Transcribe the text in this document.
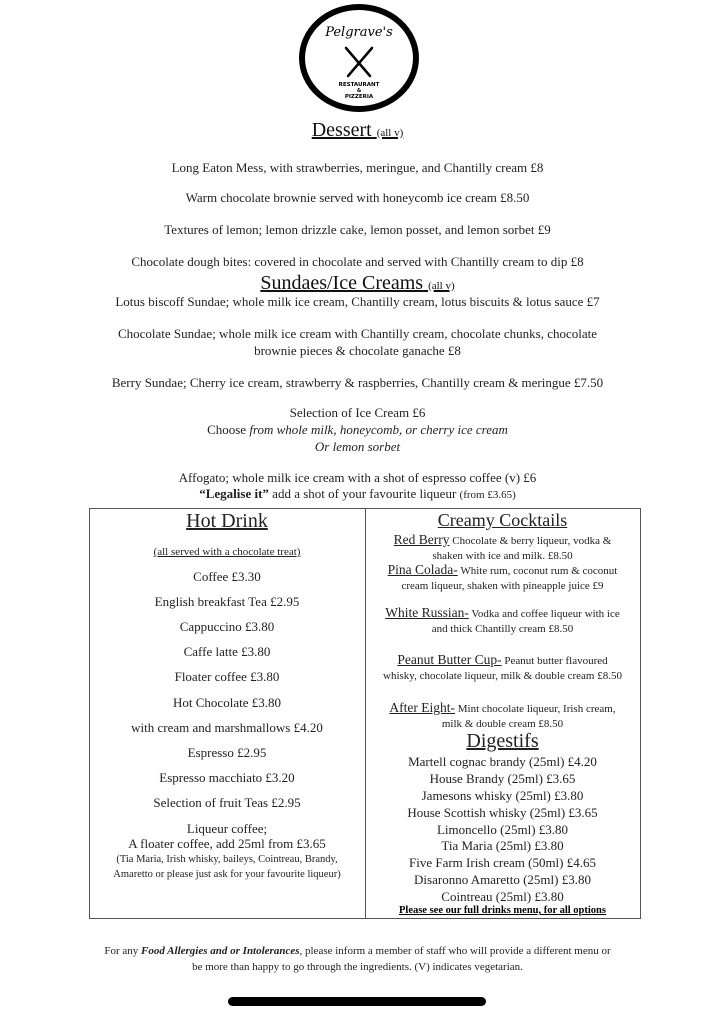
Pelgrave's
RESTAURANT
&
PIZZERIA
Dessert (all v)
Long Eaton Mess, with strawberries, meringue, and Chantilly cream £8
Warm chocolate brownie served with honeycomb ice cream £8.50
Textures of lemon; lemon drizzle cake, lemon posset, and lemon sorbet £9
Chocolate dough bites: covered in chocolate and served with Chantilly cream to dip £8
Sundaes/Ice Creams (all v)
Lotus biscoff Sundae; whole milk ice cream, Chantilly cream, lotus biscuits & lotus sauce £7
Chocolate Sundae; whole milk ice cream with Chantilly cream, chocolate chunks, chocolate
brownie pieces & chocolate ganache £8
Berry Sundae; Cherry ice cream, strawberry & raspberries, Chantilly cream & meringue £7.50
Selection of Ice Cream £6
Choose from whole milk, honeycomb, or cherry ice cream
Or lemon sorbet
Affogato; whole milk ice cream with a shot of espresso coffee (v) £6
“Legalise it” add a shot of your favourite liqueur (from £3.65)
Hot Drink
(all served with a chocolate treat)
Coffee £3.30
English breakfast Tea £2.95
Cappuccino £3.80
Caffe latte £3.80
Floater coffee £3.80
Hot Chocolate £3.80
with cream and marshmallows £4.20
Espresso £2.95
Espresso macchiato £3.20
Selection of fruit Teas £2.95
Liqueur coffee;
A floater coffee, add 25ml from £3.65
(Tia Maria, Irish whisky, baileys, Cointreau, Brandy,
Amaretto or please just ask for your favourite liqueur)
Creamy Cocktails
Red Berry Chocolate & berry liqueur, vodka &
shaken with ice and milk. £8.50
Pina Colada- White rum, coconut rum & coconut
cream liqueur, shaken with pineapple juice £9
White Russian- Vodka and coffee liqueur with ice
and thick Chantilly cream £8.50
Peanut Butter Cup- Peanut butter flavoured
whisky, chocolate liqueur, milk & double cream £8.50
After Eight- Mint chocolate liqueur, Irish cream,
milk & double cream £8.50
Digestifs
Martell cognac brandy (25ml) £4.20
House Brandy (25ml) £3.65
Jamesons whisky (25ml) £3.80
House Scottish whisky (25ml) £3.65
Limoncello (25ml) £3.80
Tia Maria (25ml) £3.80
Five Farm Irish cream (50ml) £4.65
Disaronno Amaretto (25ml) £3.80
Cointreau (25ml) £3.80
Please see our full drinks menu, for all options
For any Food Allergies and or Intolerances, please inform a member of staff who will provide a different menu or
be more than happy to go through the ingredients. (V) indicates vegetarian.
